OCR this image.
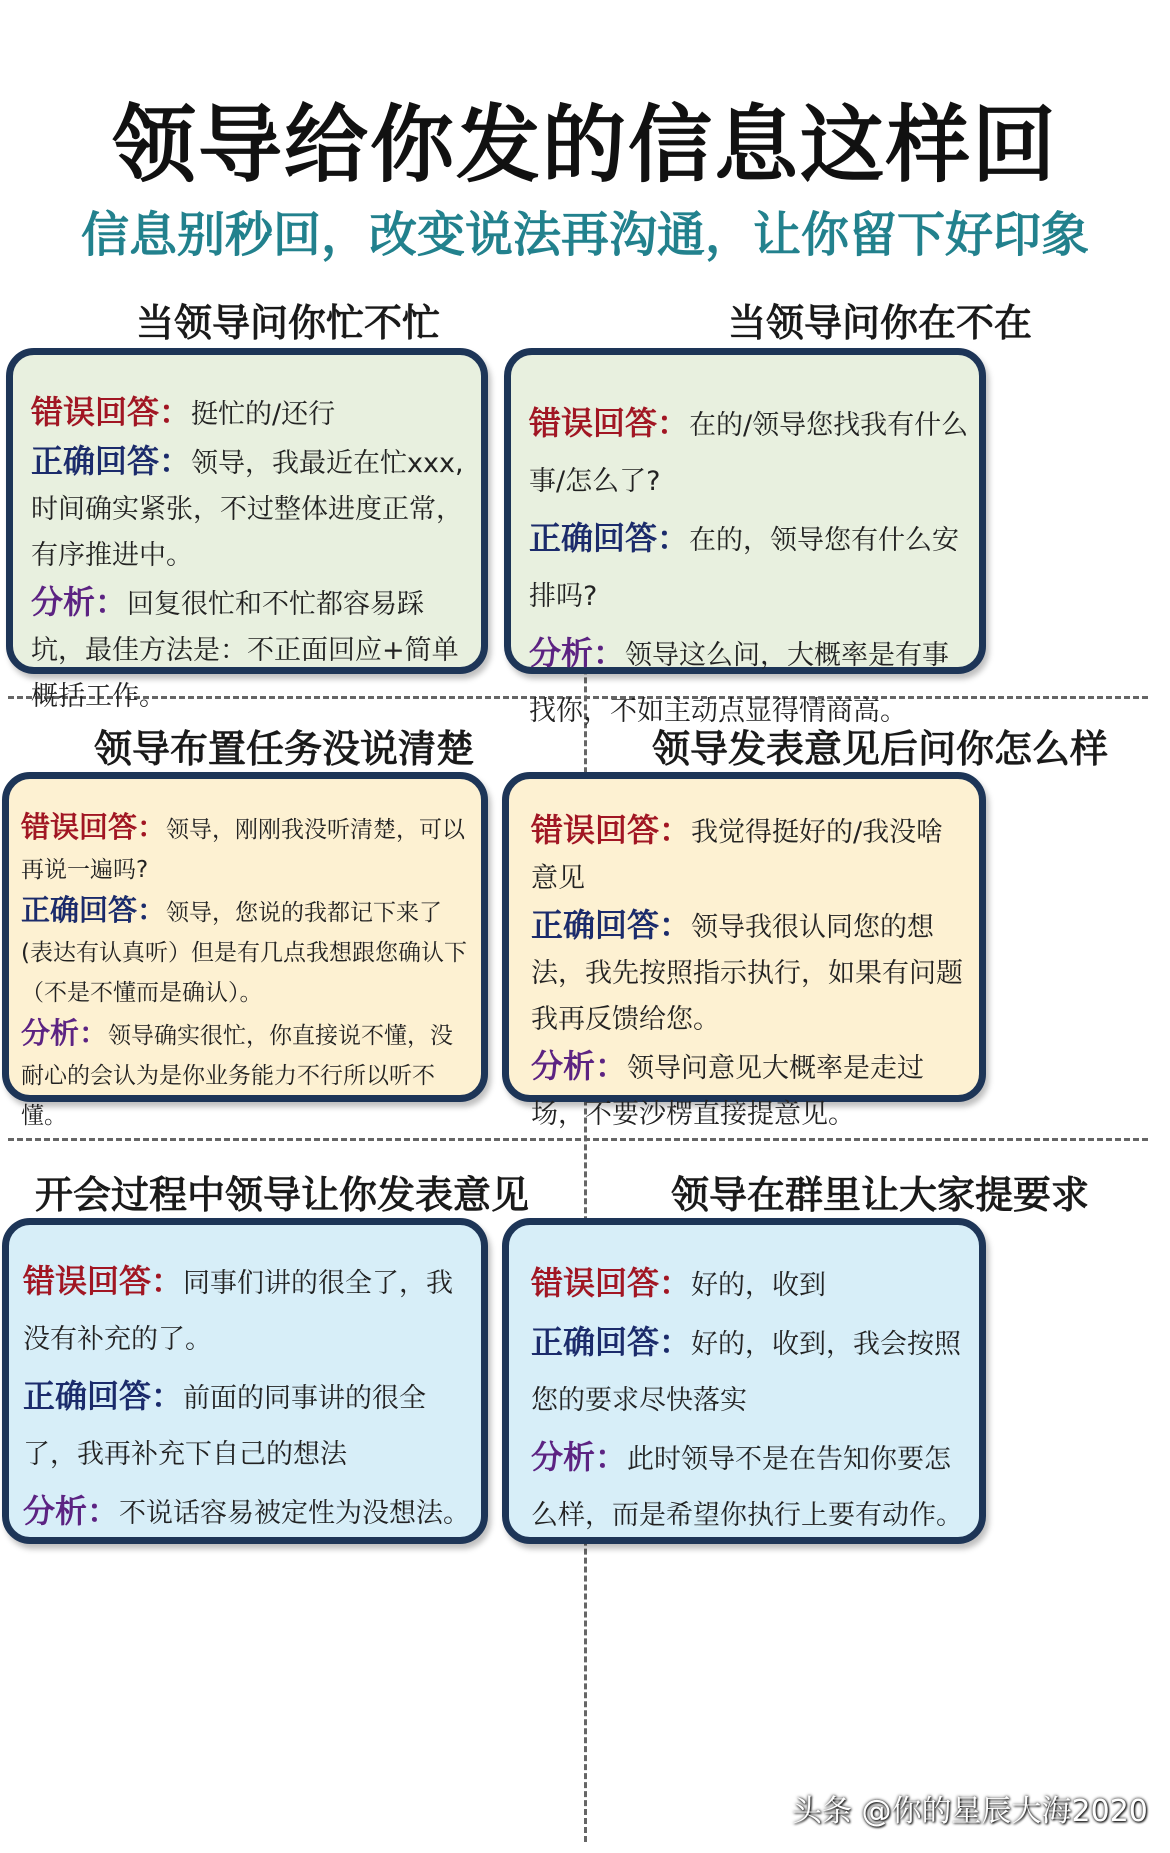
领导给你发的信息这样回
信息别秒回，改变说法再沟通，让你留下好印象
当领导问你忙不忙

错误回答：挺忙的/还行

正确回答：领导，我最近在忙xxx,时间确实紧张，不过整体进度正常，有序推进中。

分析：回复很忙和不忙都容易踩坑，最佳方法是：不正面回应+简单概括工作。

当领导问你在不在

错误回答：在的/领导您找我有什么事/怎么了?

正确回答：在的，领导您有什么安排吗?

分析：领导这么问，大概率是有事找你，不如主动点显得情商高。

领导布置任务没说清楚

错误回答：领导，刚刚我没听清楚，可以再说一遍吗?

正确回答：领导，您说的我都记下来了(表达有认真听）但是有几点我想跟您确认下 （不是不懂而是确认）。

分析：领导确实很忙，你直接说不懂，没耐心的会认为是你业务能力不行所以听不懂。

领导发表意见后问你怎么样

错误回答：我觉得挺好的/我没啥意见

正确回答：领导我很认同您的想法，我先按照指示执行，如果有问题我再反馈给您。

分析：领导问意见大概率是走过场，不要沙楞直接提意见。

开会过程中领导让你发表意见

错误回答：同事们讲的很全了，我没有补充的了。

正确回答：前面的同事讲的很全了，我再补充下自己的想法

分析：不说话容易被定性为没想法。

领导在群里让大家提要求

错误回答：好的，收到

正确回答：好的，收到，我会按照您的要求尽快落实

分析：此时领导不是在告知你要怎么样，而是希望你执行上要有动作。

头条 @你的星辰大海2020
